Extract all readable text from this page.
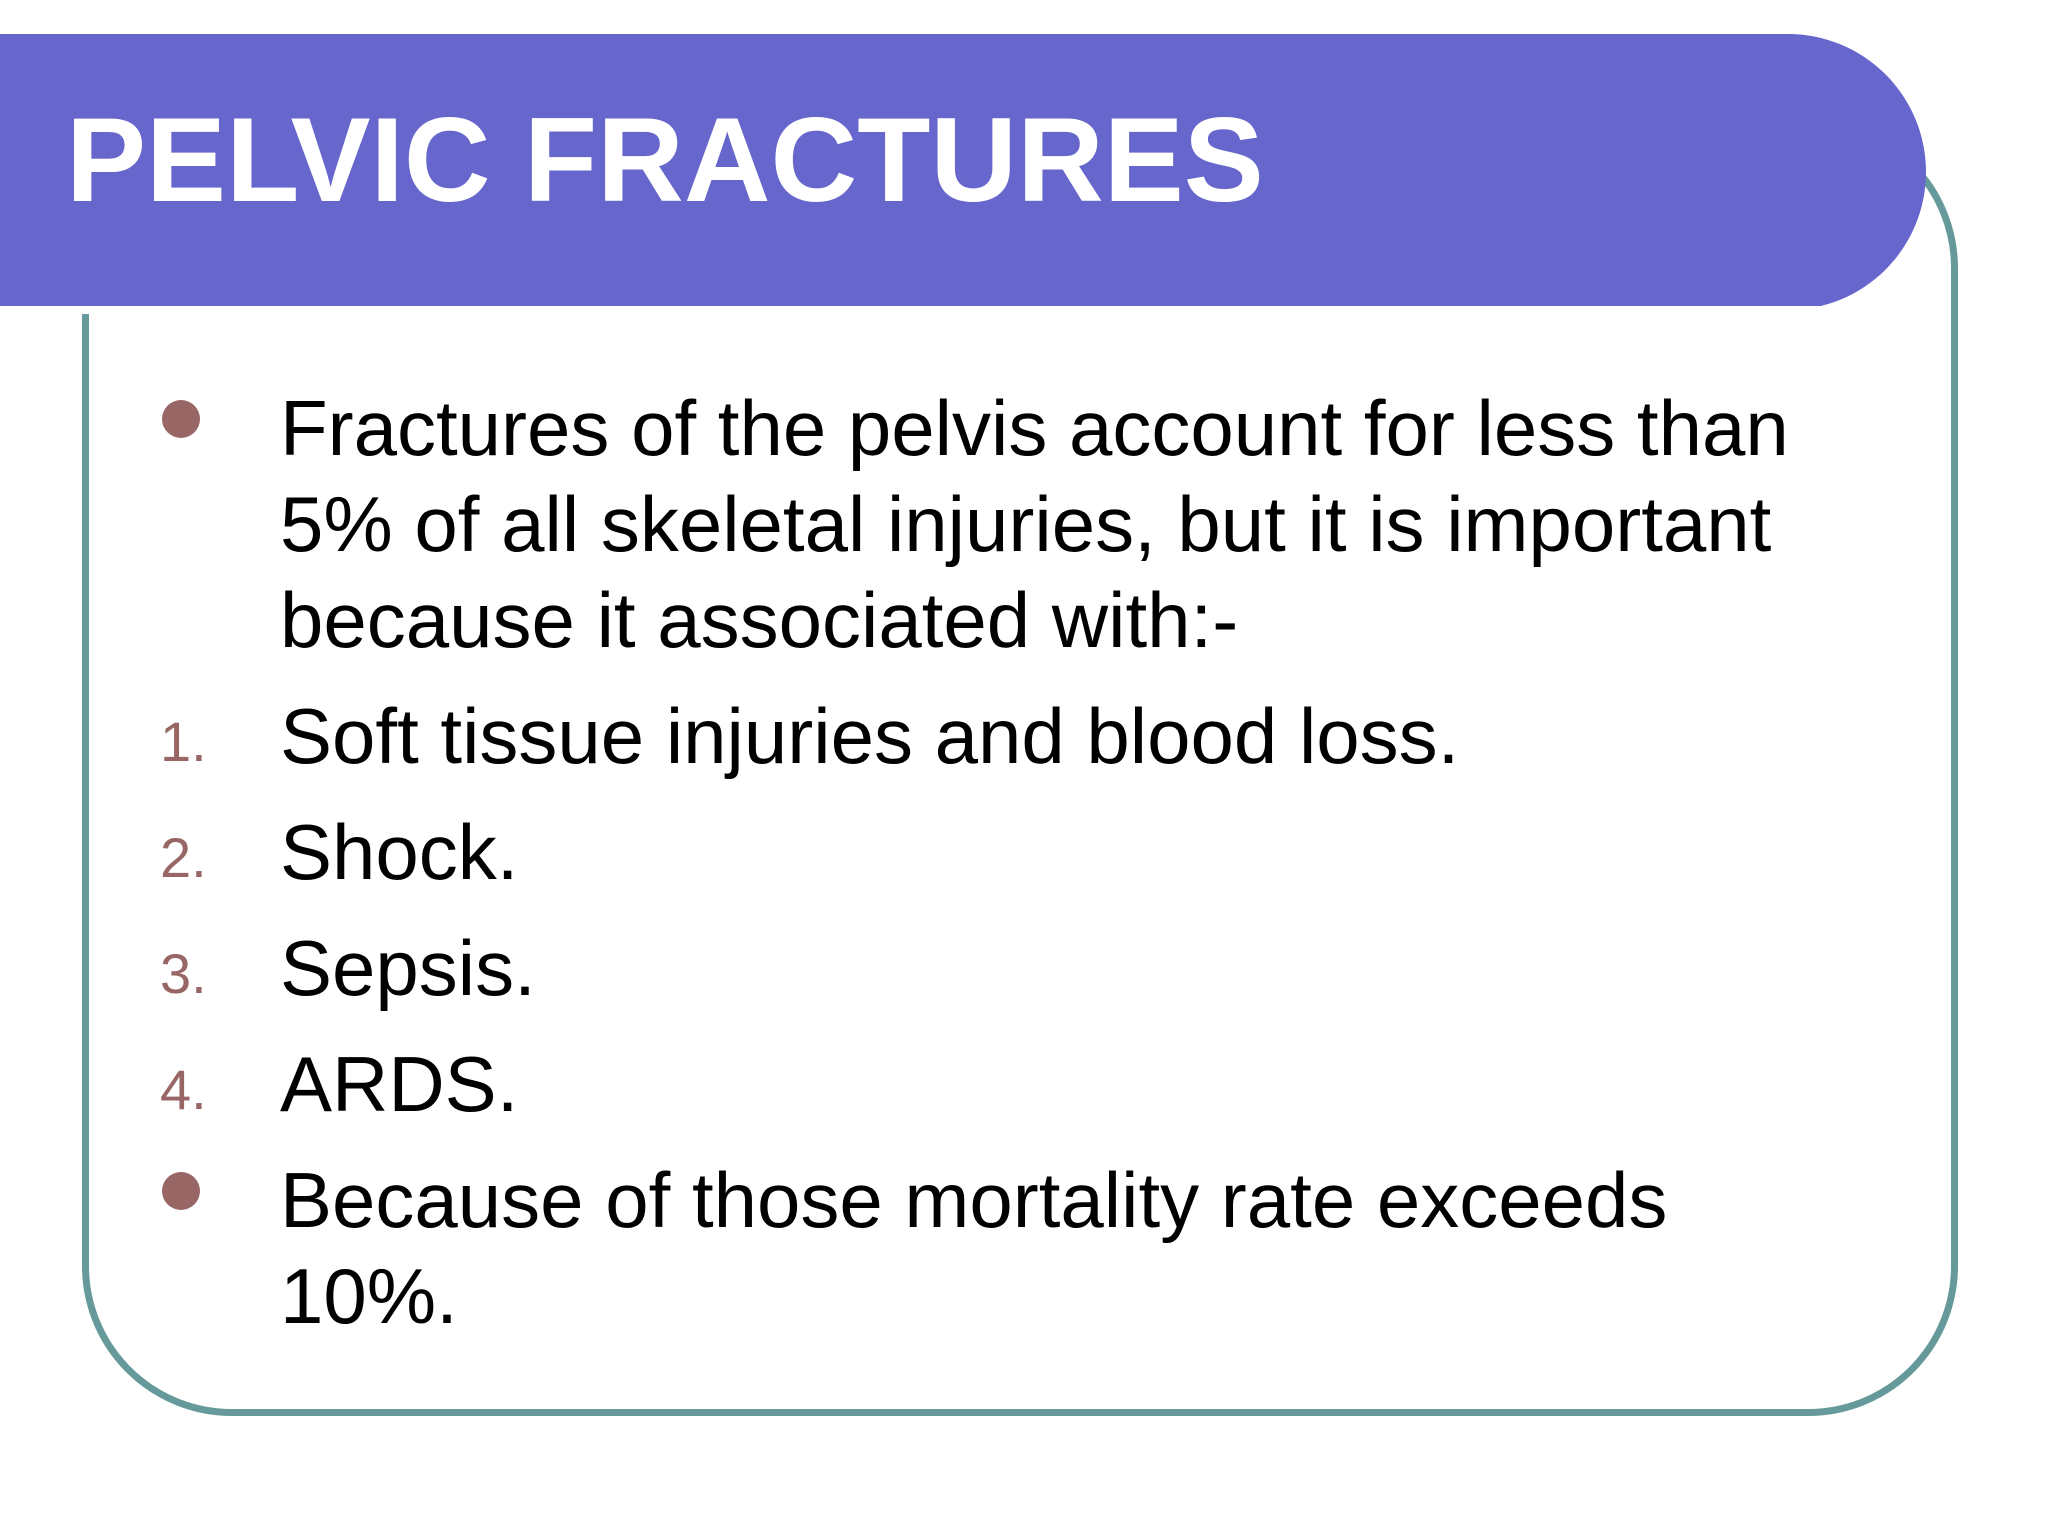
PELVIC FRACTURES
Fractures of the pelvis account for less than 5% of all skeletal injuries, but it is important because it associated with:-
1. Soft tissue injuries and blood loss.
2. Shock.
3. Sepsis.
4. ARDS.
Because of those mortality rate exceeds 10%.
